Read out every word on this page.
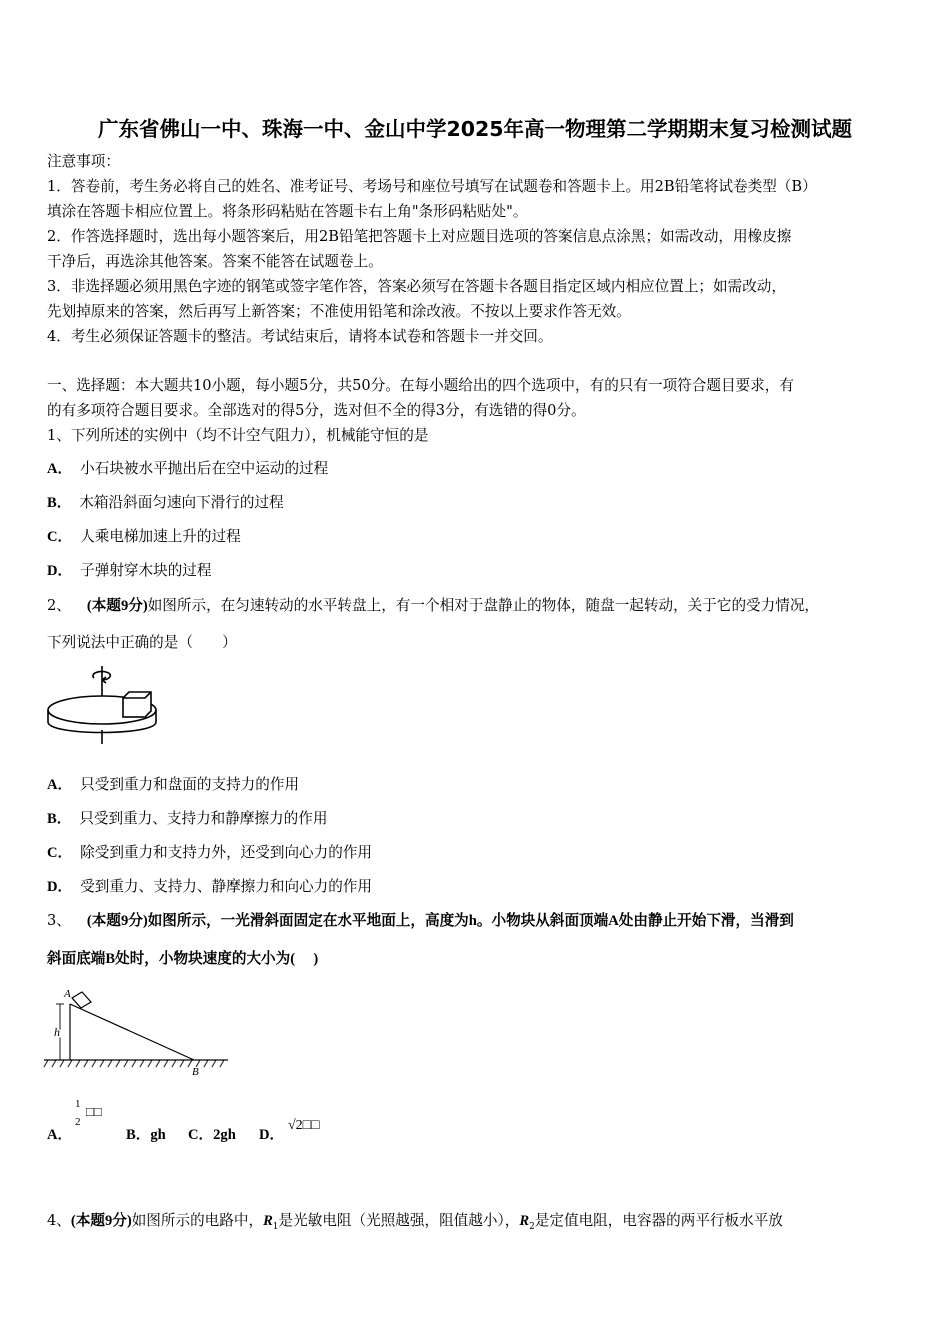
广东省佛山一中、珠海一中、金山中学2025年高一物理第二学期期末复习检测试题
注意事项：
1．答卷前，考生务必将自己的姓名、准考证号、考场号和座位号填写在试题卷和答题卡上。用2B铅笔将试卷类型（B）
填涂在答题卡相应位置上。将条形码粘贴在答题卡右上角"条形码粘贴处"。
2．作答选择题时，选出每小题答案后，用2B铅笔把答题卡上对应题目选项的答案信息点涂黑；如需改动，用橡皮擦
干净后，再选涂其他答案。答案不能答在试题卷上。
3．非选择题必须用黑色字迹的钢笔或签字笔作答，答案必须写在答题卡各题目指定区域内相应位置上；如需改动，
先划掉原来的答案，然后再写上新答案；不准使用铅笔和涂改液。不按以上要求作答无效。
4．考生必须保证答题卡的整洁。考试结束后，请将本试卷和答题卡一并交回。
一、选择题：本大题共10小题，每小题5分，共50分。在每小题给出的四个选项中，有的只有一项符合题目要求，有
的有多项符合题目要求。全部选对的得5分，选对但不全的得3分，有选错的得0分。
1、下列所述的实例中（均不计空气阻力），机械能守恒的是
A． 小石块被水平抛出后在空中运动的过程
B． 木箱沿斜面匀速向下滑行的过程
C． 人乘电梯加速上升的过程
D． 子弹射穿木块的过程
2、 (本题9分)如图所示，在匀速转动的水平转盘上，有一个相对于盘静止的物体，随盘一起转动，关于它的受力情况，
下列说法中正确的是（　　）
A． 只受到重力和盘面的支持力的作用
B． 只受到重力、支持力和静摩擦力的作用
C． 除受到重力和支持力外，还受到向心力的作用
D． 受到重力、支持力、静摩擦力和向心力的作用
3、 (本题9分)如图所示，一光滑斜面固定在水平地面上，高度为h。小物块从斜面顶端A处由静止开始下滑，当滑到
斜面底端B处时，小物块速度的大小为(　 )
A
B
h
A．
1
2
□□
B．gh C．2gh D．
√2□□
4、(本题9分)如图所示的电路中，$R_1$是光敏电阻（光照越强，阻值越小），$R_2$是定值电阻，电容器的两平行板水平放
